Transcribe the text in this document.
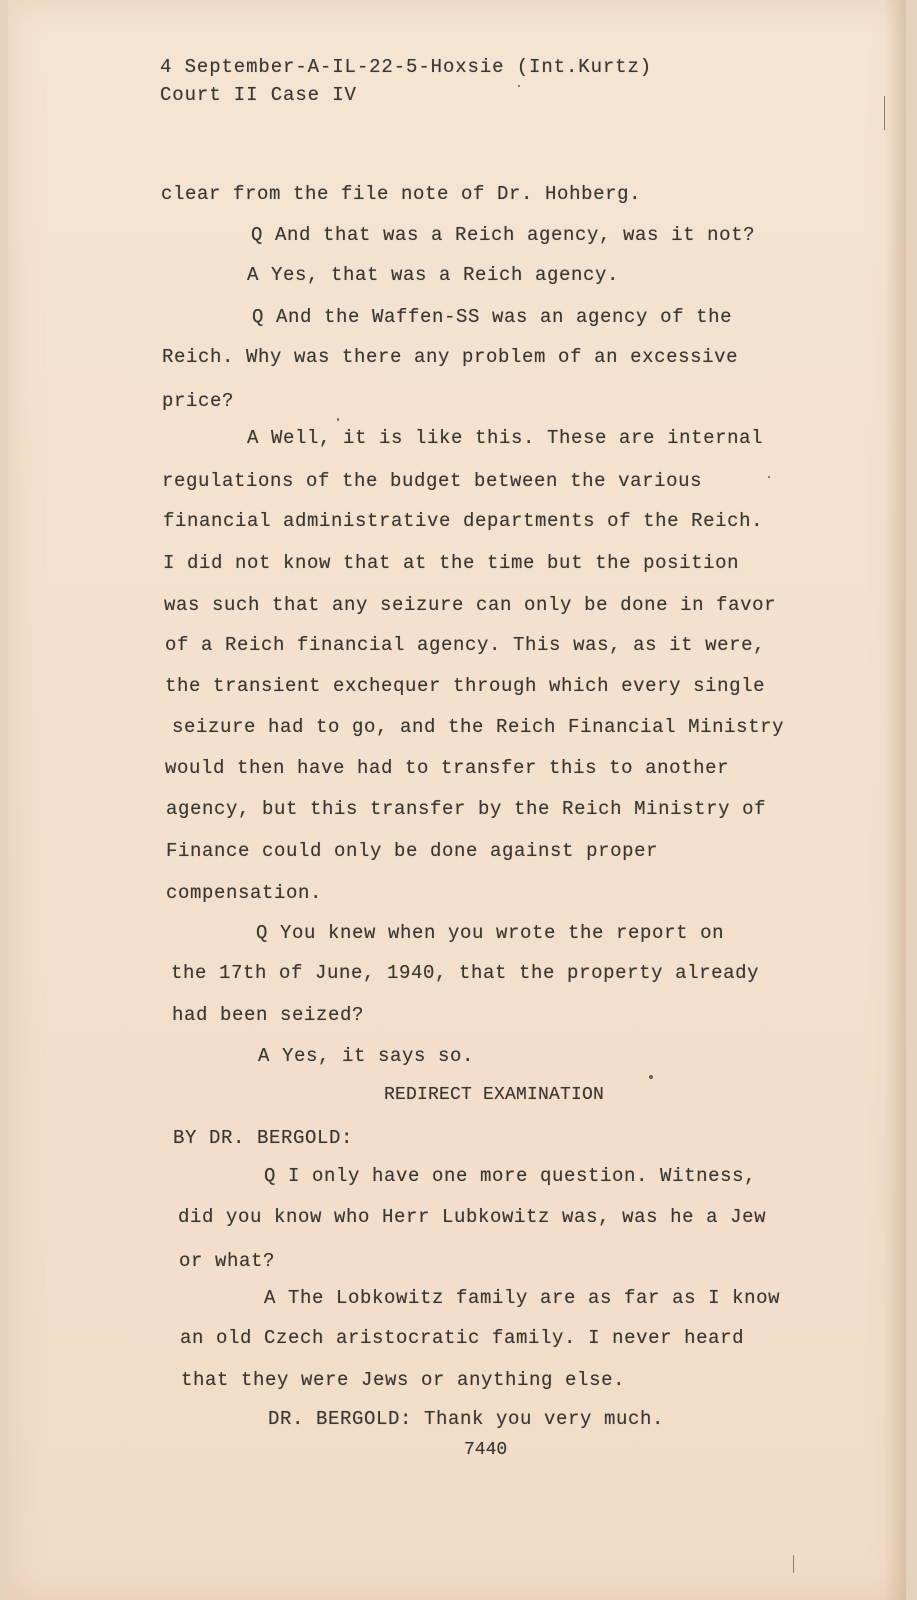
4 September-A-IL-22-5-Hoxsie (Int.Kurtz)
Court II Case IV
clear from the file note of Dr. Hohberg.
Q And that was a Reich agency, was it not?
A Yes, that was a Reich agency.
Q And the Waffen-SS was an agency of the
Reich. Why was there any problem of an excessive
price?
A Well, it is like this. These are internal
regulations of the budget between the various
financial administrative departments of the Reich.
I did not know that at the time but the position
was such that any seizure can only be done in favor
of a Reich financial agency. This was, as it were,
the transient exchequer through which every single
seizure had to go, and the Reich Financial Ministry
would then have had to transfer this to another
agency, but this transfer by the Reich Ministry of
Finance could only be done against proper
compensation.
Q You knew when you wrote the report on
the 17th of June, 1940, that the property already
had been seized?
A Yes, it says so.
REDIRECT EXAMINATION
BY DR. BERGOLD:
Q I only have one more question. Witness,
did you know who Herr Lubkowitz was, was he a Jew
or what?
A The Lobkowitz family are as far as I know
an old Czech aristocratic family. I never heard
that they were Jews or anything else.
DR. BERGOLD: Thank you very much.
7440
